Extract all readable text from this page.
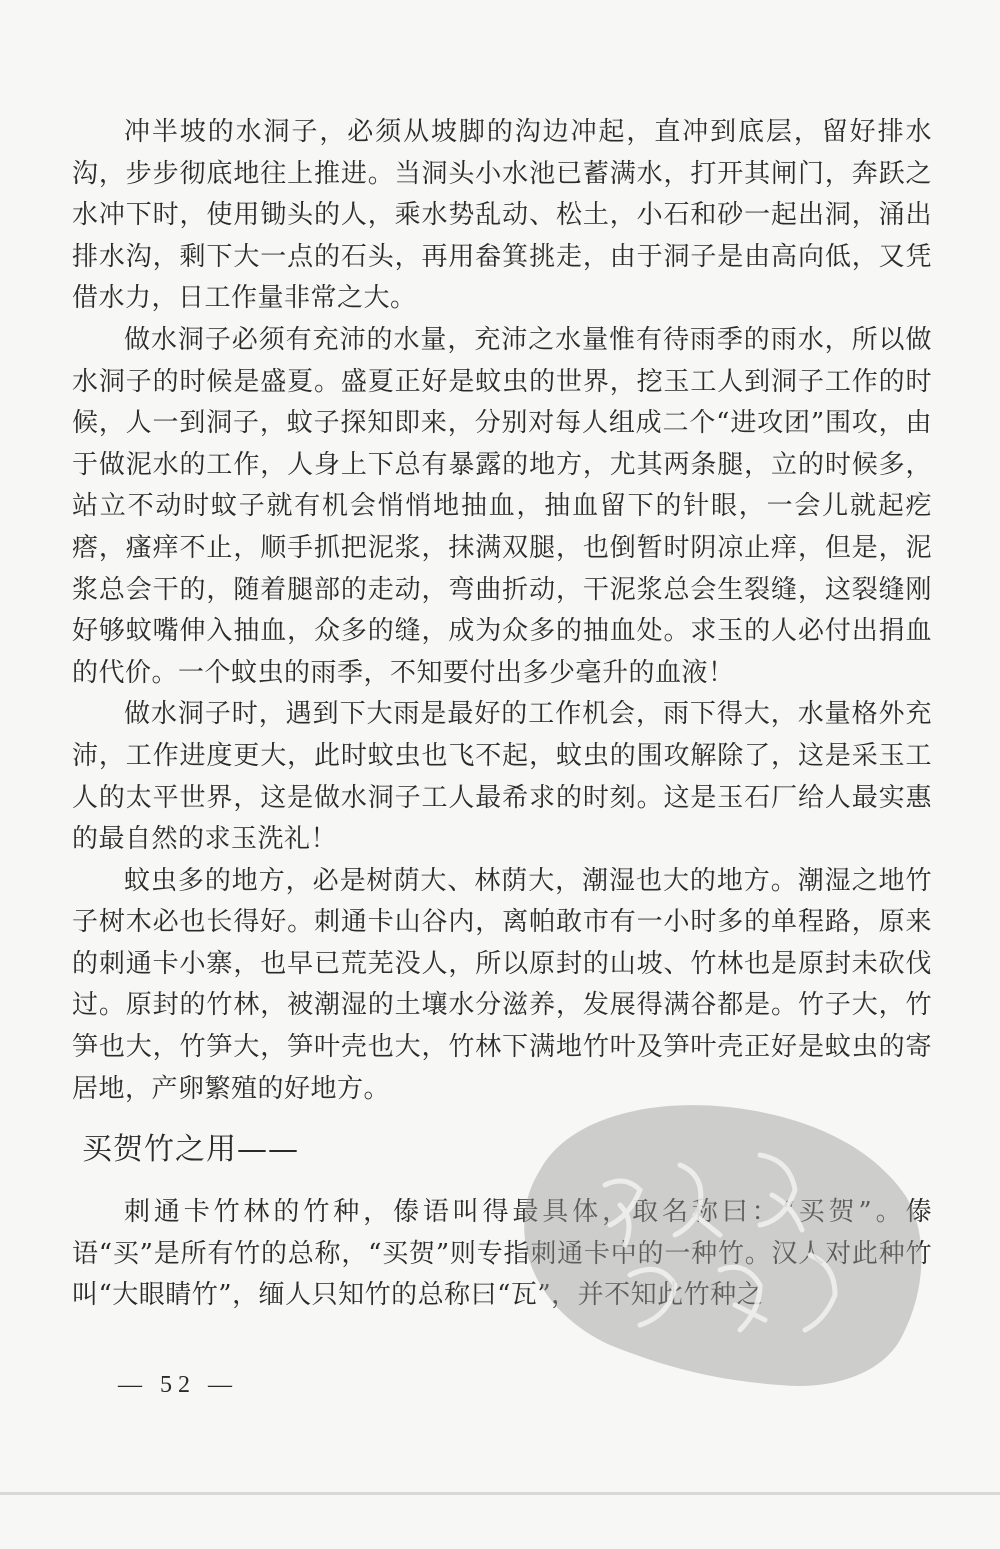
冲半坡的水洞子，必须从坡脚的沟边冲起，直冲到底层，留好排水沟，步步彻底地往上推进。当洞头小水池已蓄满水，打开其闸门，奔跃之水冲下时，使用锄头的人，乘水势乱动、松土，小石和砂一起出洞，涌出排水沟，剩下大一点的石头，再用畚箕挑走，由于洞子是由高向低，又凭借水力，日工作量非常之大。

做水洞子必须有充沛的水量，充沛之水量惟有待雨季的雨水，所以做水洞子的时候是盛夏。盛夏正好是蚊虫的世界，挖玉工人到洞子工作的时候，人一到洞子，蚊子探知即来，分别对每人组成二个“进攻团”围攻，由于做泥水的工作，人身上下总有暴露的地方，尤其两条腿，立的时候多，站立不动时蚊子就有机会悄悄地抽血，抽血留下的针眼，一会儿就起疙瘩，瘙痒不止，顺手抓把泥浆，抹满双腿，也倒暂时阴凉止痒，但是，泥浆总会干的，随着腿部的走动，弯曲折动，干泥浆总会生裂缝，这裂缝刚好够蚊嘴伸入抽血，众多的缝，成为众多的抽血处。求玉的人必付出捐血的代价。一个蚊虫的雨季，不知要付出多少毫升的血液！

做水洞子时，遇到下大雨是最好的工作机会，雨下得大，水量格外充沛，工作进度更大，此时蚊虫也飞不起，蚊虫的围攻解除了，这是采玉工人的太平世界，这是做水洞子工人最希求的时刻。这是玉石厂给人最实惠的最自然的求玉洗礼！

蚊虫多的地方，必是树荫大、林荫大，潮湿也大的地方。潮湿之地竹子树木必也长得好。刺通卡山谷内，离帕敢市有一小时多的单程路，原来的刺通卡小寨，也早已荒芜没人，所以原封的山坡、竹林也是原封未砍伐过。原封的竹林，被潮湿的土壤水分滋养，发展得满谷都是。竹子大，竹笋也大，竹笋大，笋叶壳也大，竹林下满地竹叶及笋叶壳正好是蚊虫的寄居地，产卵繁殖的好地方。

买贺竹之用——

刺通卡竹林的竹种，傣语叫得最具体，取名称曰：“买贺”。傣语“买”是所有竹的总称，“买贺”则专指刺通卡中的一种竹。汉人对此种竹叫“大眼睛竹”，缅人只知竹的总称曰“瓦”，并不知此竹种之

— 52 —
